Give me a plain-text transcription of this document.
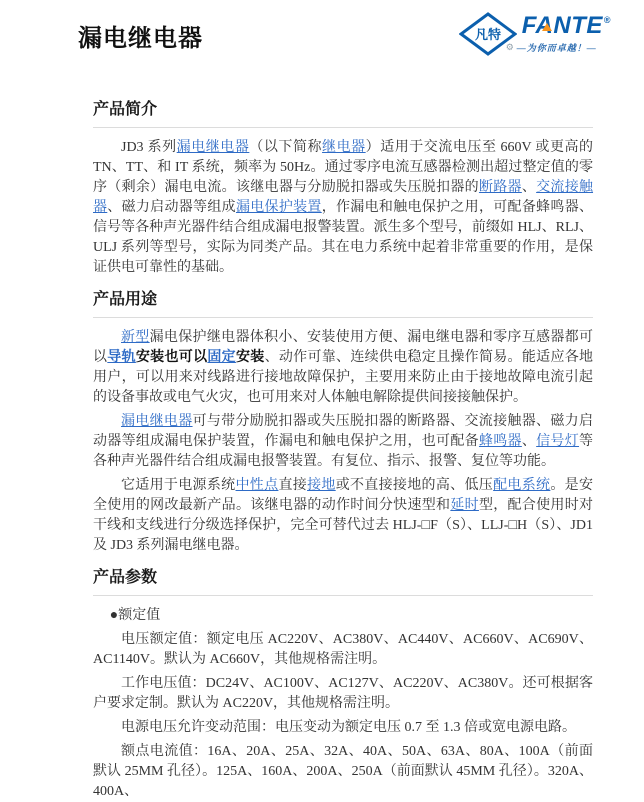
漏电继电器	凡特 FANTE®
⚙ —为你而卓越！—
产品简介

JD3 系列漏电继电器（以下简称继电器）适用于交流电压至 660V 或更高的 TN、TT、和 IT 系统，频率为 50Hz。通过零序电流互感器检测出超过整定值的零序（剩余）漏电电流。该继电器与分励脱扣器或失压脱扣器的断路器、交流接触器、磁力启动器等组成漏电保护装置，作漏电和触电保护之用，可配备蜂鸣器、信号等各种声光器件结合组成漏电报警装置。派生多个型号，前缀如 HLJ、RLJ、ULJ 系列等型号，实际为同类产品。其在电力系统中起着非常重要的作用，是保证供电可靠性的基础。

产品用途

新型漏电保护继电器体积小、安装使用方便、漏电继电器和零序互感器都可以导轨安装也可以固定安装、动作可靠、连续供电稳定且操作简易。能适应各地用户，可以用来对线路进行接地故障保护，主要用来防止由于接地故障电流引起的设备事故或电气火灾，也可用来对人体触电解除提供间接接触保护。

漏电继电器可与带分励脱扣器或失压脱扣器的断路器、交流接触器、磁力启动器等组成漏电保护装置，作漏电和触电保护之用，也可配备蜂鸣器、信号灯等各种声光器件结合组成漏电报警装置。有复位、指示、报警、复位等功能。

它适用于电源系统中性点直接接地或不直接接地的高、低压配电系统。是安全使用的网改最新产品。该继电器的动作时间分快速型和延时型，配合使用时对干线和支线进行分级选择保护，完全可替代过去 HLJ-□F（S）、LLJ-□H（S）、JD1 及 JD3 系列漏电继电器。

产品参数
●额定值

电压额定值：额定电压 AC220V、AC380V、AC440V、AC660V、AC690V、AC1140V。默认为 AC660V，其他规格需注明。

工作电压值：DC24V、AC100V、AC127V、AC220V、AC380V。还可根据客户要求定制。默认为 AC220V，其他规格需注明。

电源电压允许变动范围：电压变动为额定电压 0.7 至 1.3 倍或宽电源电路。

额点电流值：16A、20A、25A、32A、40A、50A、63A、80A、100A（前面默认 25MM 孔径）。125A、160A、200A、250A（前面默认 45MM 孔径）。320A、400A、
